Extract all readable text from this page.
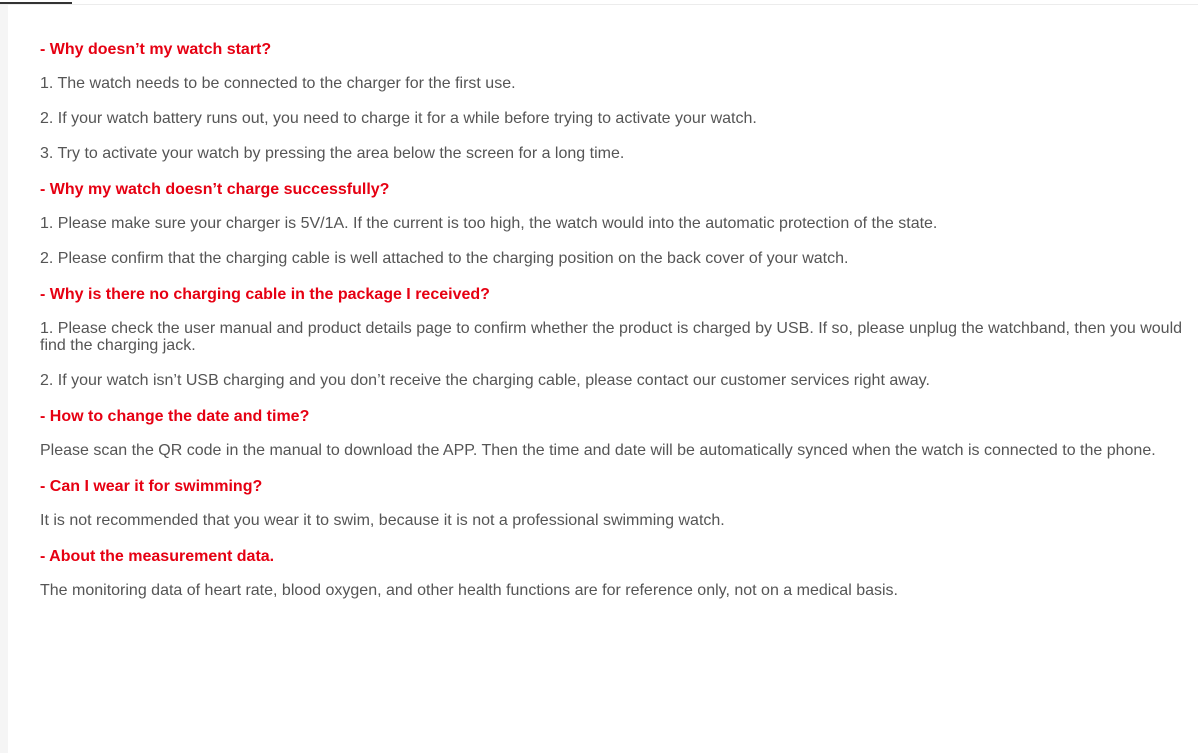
- Why doesn’t my watch start?

1. The watch needs to be connected to the charger for the first use.

2. If your watch battery runs out, you need to charge it for a while before trying to activate your watch.

3. Try to activate your watch by pressing the area below the screen for a long time.

- Why my watch doesn’t charge successfully?

1. Please make sure your charger is 5V/1A. If the current is too high, the watch would into the automatic protection of the state.

2. Please confirm that the charging cable is well attached to the charging position on the back cover of your watch.

- Why is there no charging cable in the package I received?

1. Please check the user manual and product details page to confirm whether the product is charged by USB. If so, please unplug the watchband, then you would find the charging jack.

2. If your watch isn’t USB charging and you don’t receive the charging cable, please contact our customer services right away.

- How to change the date and time?

Please scan the QR code in the manual to download the APP. Then the time and date will be automatically synced when the watch is connected to the phone.

- Can I wear it for swimming?

It is not recommended that you wear it to swim, because it is not a professional swimming watch.

- About the measurement data.

The monitoring data of heart rate, blood oxygen, and other health functions are for reference only, not on a medical basis.
